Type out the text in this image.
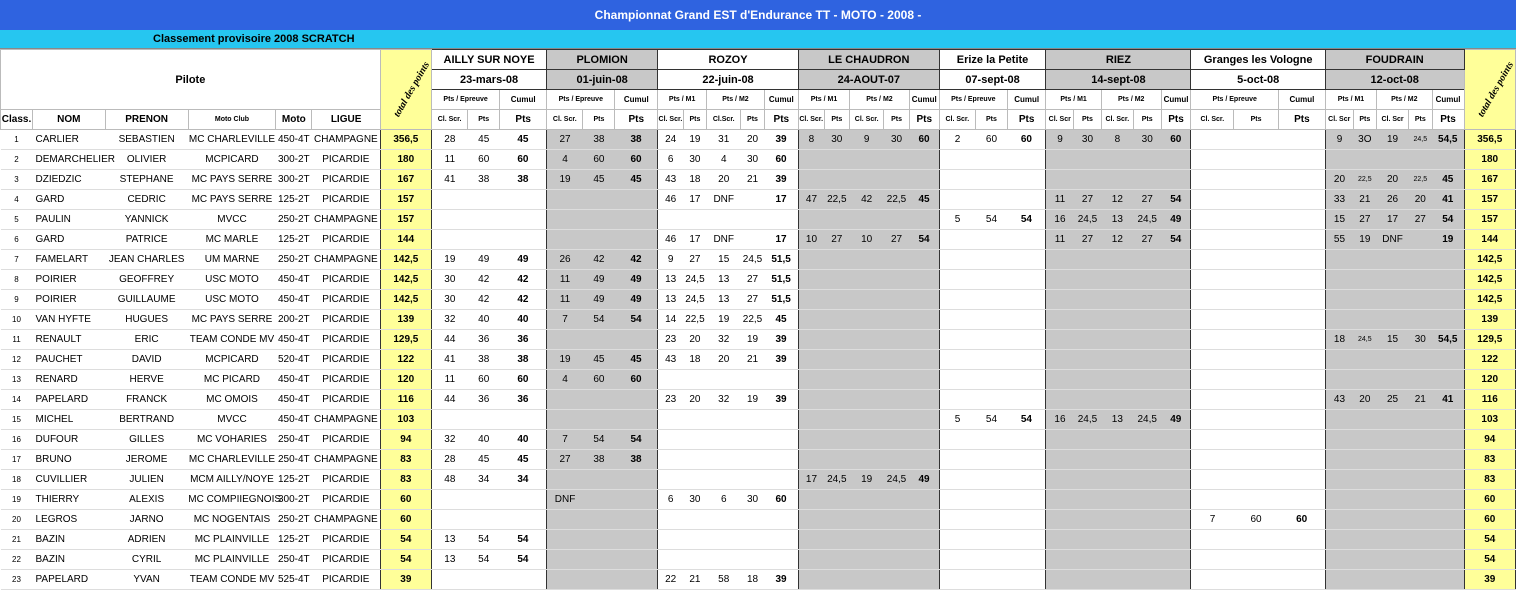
Championnat Grand EST d'Endurance TT - MOTO - 2008 -
Classement provisoire 2008 SCRATCH
Pilote						total des points	AILLY SUR NOYE			PLOMION			ROZOY					LE CHAUDRON					Erize la Petite			RIEZ					Granges les Vologne			FOUDRAIN					total des points
							23-mars-08			01-juin-08			22-juin-08					24-AOUT-07					07-sept-08			14-sept-08					5-oct-08			12-oct-08					
							Pts / Epreuve		Cumul	Pts / Epreuve		Cumul	Pts / M1		Pts / M2		Cumul	Pts / M1		Pts / M2		Cumul	Pts / Epreuve		Cumul	Pts / M1		Pts / M2		Cumul	Pts / Epreuve		Cumul	Pts / M1		Pts / M2		Cumul	
Class.	NOM	PRENON	Moto Club	Moto	LIGUE		Cl. Scr.	Pts	Pts	Cl. Scr.	Pts	Pts	Cl. Scr.	Pts	Cl.Scr.	Pts	Pts	Cl. Scr.	Pts	Cl. Scr.	Pts	Pts	Cl. Scr.	Pts	Pts	Cl. Scr	Pts	Cl. Scr.	Pts	Pts	Cl. Scr.	Pts	Pts	Cl. Scr	Pts	Cl. Scr	Pts	Pts	
1	CARLIER	SEBASTIEN	MC CHARLEVILLE	450-4T	CHAMPAGNE	356,5	28	45	45	27	38	38	24	19	31	20	39	8	30	9	30	60	2	60	60	9	30	8	30	60				9	3O	19	24,5	54,5	356,5
2	DEMARCHELIER	OLIVIER	MCPICARD	300-2T	PICARDIE	180	11	60	60	4	60	60	6	30	4	30	60																						180
3	DZIEDZIC	STEPHANE	MC PAYS SERRE	300-2T	PICARDIE	167	41	38	38	19	45	45	43	18	20	21	39																	20	22,5	20	22,5	45	167
4	GARD	CEDRIC	MC PAYS SERRE	125-2T	PICARDIE	157							46	17	DNF		17	47	22,5	42	22,5	45				11	27	12	27	54				33	21	26	20	41	157
5	PAULIN	YANNICK	MVCC	250-2T	CHAMPAGNE	157																	5	54	54	16	24,5	13	24,5	49				15	27	17	27	54	157
6	GARD	PATRICE	MC MARLE	125-2T	PICARDIE	144							46	17	DNF		17	10	27	10	27	54				11	27	12	27	54				55	19	DNF		19	144
7	FAMELART	JEAN CHARLES	UM MARNE	250-2T	CHAMPAGNE	142,5	19	49	49	26	42	42	9	27	15	24,5	51,5																						142,5
8	POIRIER	GEOFFREY	USC MOTO	450-4T	PICARDIE	142,5	30	42	42	11	49	49	13	24,5	13	27	51,5																						142,5
9	POIRIER	GUILLAUME	USC MOTO	450-4T	PICARDIE	142,5	30	42	42	11	49	49	13	24,5	13	27	51,5																						142,5
10	VAN HYFTE	HUGUES	MC PAYS SERRE	200-2T	PICARDIE	139	32	40	40	7	54	54	14	22,5	19	22,5	45																						139
11	RENAULT	ERIC	TEAM CONDE MV	450-4T	PICARDIE	129,5	44	36	36				23	20	32	19	39																	18	24,5	15	30	54,5	129,5
12	PAUCHET	DAVID	MCPICARD	520-4T	PICARDIE	122	41	38	38	19	45	45	43	18	20	21	39																						122
13	RENARD	HERVE	MC PICARD	450-4T	PICARDIE	120	11	60	60	4	60	60																											120
14	PAPELARD	FRANCK	MC OMOIS	450-4T	PICARDIE	116	44	36	36				23	20	32	19	39																	43	20	25	21	41	116
15	MICHEL	BERTRAND	MVCC	450-4T	CHAMPAGNE	103																	5	54	54	16	24,5	13	24,5	49									103
16	DUFOUR	GILLES	MC VOHARIES	250-4T	PICARDIE	94	32	40	40	7	54	54																											94
17	BRUNO	JEROME	MC CHARLEVILLE	250-4T	CHAMPAGNE	83	28	45	45	27	38	38																											83
18	CUVILLIER	JULIEN	MCM AILLY/NOYE	125-2T	PICARDIE	83	48	34	34									17	24,5	19	24,5	49																	83
19	THIERRY	ALEXIS	MC COMPIIEGNOIS	300-2T	PICARDIE	60				DNF			6	30	6	30	60																						60
20	LEGROS	JARNO	MC NOGENTAIS	250-2T	CHAMPAGNE	60																									7	60	60						60
21	BAZIN	ADRIEN	MC PLAINVILLE	125-2T	PICARDIE	54	13	54	54																														54
22	BAZIN	CYRIL	MC PLAINVILLE	250-4T	PICARDIE	54	13	54	54																														54
23	PAPELARD	YVAN	TEAM CONDE MV	525-4T	PICARDIE	39							22	21	58	18	39																						39
